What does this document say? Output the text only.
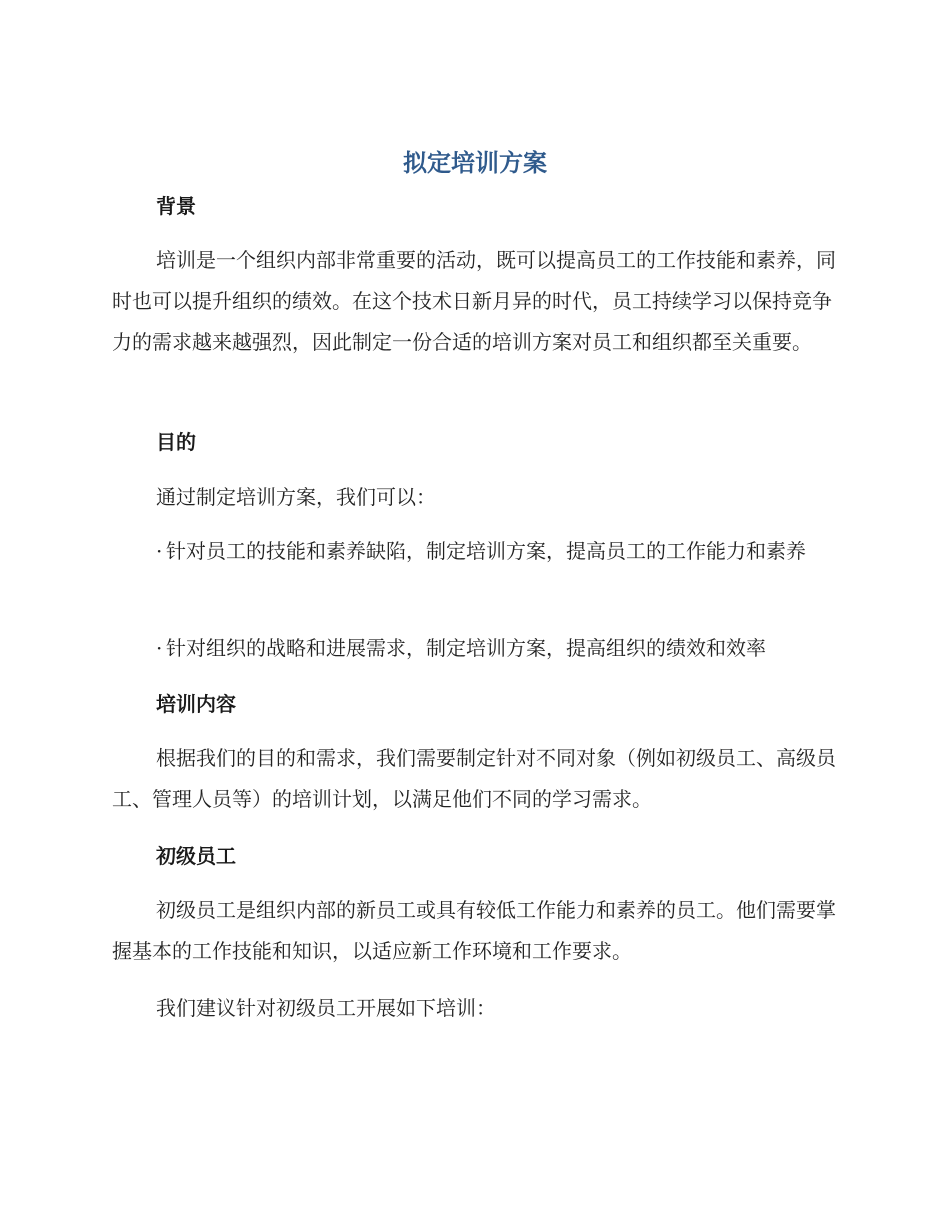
拟定培训方案
背景

培训是一个组织内部非常重要的活动，既可以提高员工的工作技能和素养，同时也可以提升组织的绩效。在这个技术日新月异的时代，员工持续学习以保持竞争力的需求越来越强烈，因此制定一份合适的培训方案对员工和组织都至关重要。

目的

通过制定培训方案，我们可以：

· 针对员工的技能和素养缺陷，制定培训方案，提高员工的工作能力和素养

· 针对组织的战略和进展需求，制定培训方案，提高组织的绩效和效率

培训内容

根据我们的目的和需求，我们需要制定针对不同对象（例如初级员工、高级员工、管理人员等）的培训计划，以满足他们不同的学习需求。

初级员工

初级员工是组织内部的新员工或具有较低工作能力和素养的员工。他们需要掌握基本的工作技能和知识，以适应新工作环境和工作要求。

我们建议针对初级员工开展如下培训：
